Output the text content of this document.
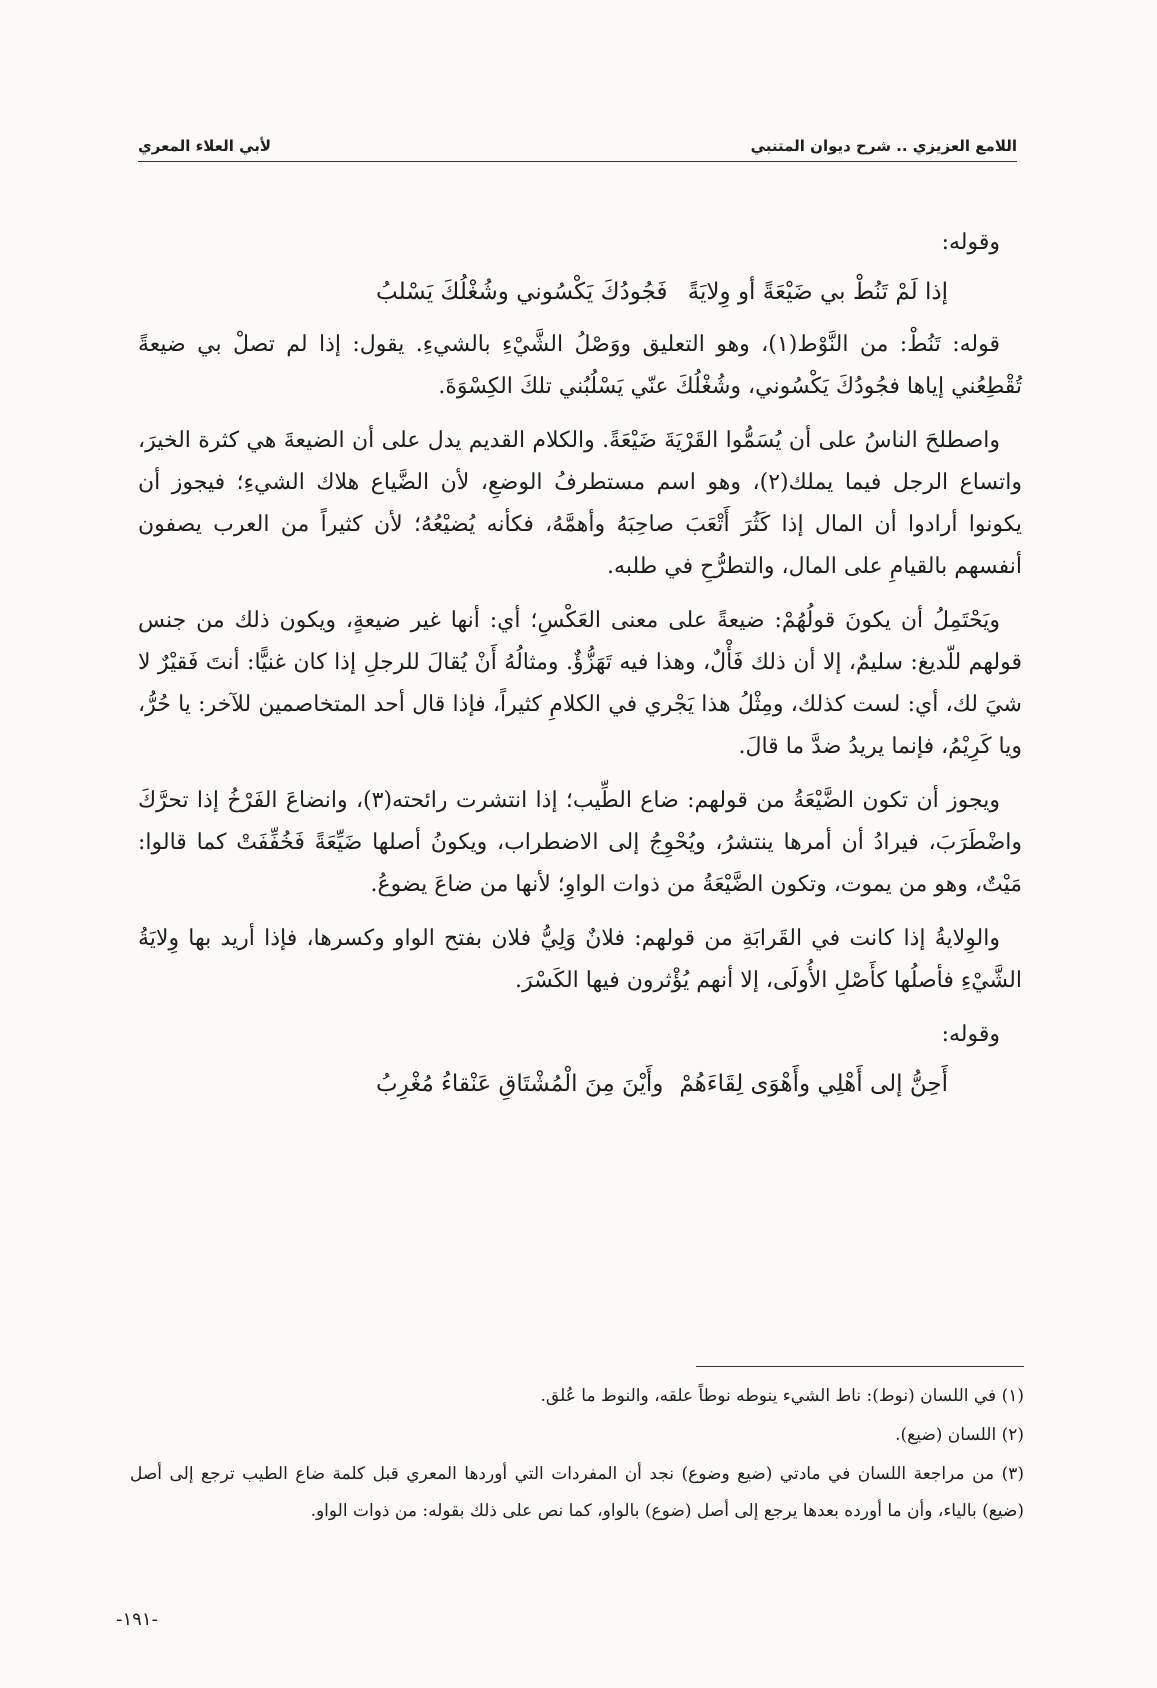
اللامع العزيزي .. شرح ديوان المتنبي
لأبي العلاء المعري

وقوله:

إذا لَمْ تَنُطْ بي ضَيْعَةً أو وِلايَةً
فَجُودُكَ يَكْسُوني وشُغْلُكَ يَسْلبُ

قوله: تَنُطْ: من النَّوْط(١)، وهو التعليق ووَصْلُ الشَّيْءِ بالشيءِ. يقول: إذا لم تصلْ بي ضيعةً تُقْطِعُني إياها فجُودُكَ يَكْسُوني، وشُغْلُكَ عنّي يَسْلُبُني تلكَ الكِسْوَةَ.

واصطلحَ الناسُ على أن يُسَمُّوا القَرْيَةَ ضَيْعَةً. والكلام القديم يدل على أن الضيعةَ هي كثرة الخيرَ، واتساع الرجل فيما يملك(٢)، وهو اسم مستطرفُ الوضعِ، لأن الضَّياع هلاك الشيءِ؛ فيجوز أن يكونوا أرادوا أن المال إذا كَثُرَ أَتْعَبَ صاحِبَهُ وأهمَّهُ، فكأنه يُضيْعُهُ؛ لأن كثيراً من العرب يصفون أنفسهم بالقيامِ على المال، والتطرُّحِ في طلبه.

ويَحْتَمِلُ أن يكونَ قولُهُمْ: ضيعةً على معنى العَكْسِ؛ أي: أنها غير ضيعةٍ، ويكون ذلك من جنس قولهم للّديغ: سليمٌ، إلا أن ذلك فَأْلٌ، وهذا فيه تَهَزُّؤٌ. ومثالُهُ أَنْ يُقالَ للرجلِ إذا كان غنيًّا: أنتَ فَقيْرٌ لا شيَ لك، أي: لست كذلك، ومِثْلُ هذا يَجْري في الكلامِ كثيراً، فإذا قال أحد المتخاصمين للآخر: يا حُرُّ، ويا كَرِيْمُ، فإنما يريدُ ضدَّ ما قالَ.

ويجوز أن تكون الضَّيْعَةُ من قولهم: ضاع الطِّيب؛ إذا انتشرت رائحته(٣)، وانضاعَ الفَرْخُ إذا تحرَّكَ واضْطَرَبَ، فيرادُ أن أمرها ينتشرُ، ويُحْوِجُ إلى الاضطراب، ويكونُ أصلها ضَيِّعَةً فَخُفِّفَتْ كما قالوا: مَيْتٌ، وهو من يموت، وتكون الضَّيْعَةُ من ذوات الواوِ؛ لأنها من ضاعَ يضوعُ.

والوِلايةُ إذا كانت في القَرابَةِ من قولهم: فلانٌ وَلِيُّ فلان بفتح الواو وكسرها، فإذا أريد بها وِلايَةُ الشَّيْءِ فأصلُها كأَصْلِ الأُولَى، إلا أنهم يُؤْثرون فيها الكَسْرَ.

وقوله:

أَحِنُّ إلى أَهْلِي وأَهْوَى لِقَاءَهُمْ
وأَيْنَ مِنَ الْمُشْتَاقِ عَنْقاءُ مُغْرِبُ

(١) في اللسان (نوط): ناط الشيء ينوطه نوطاً علقه، والنوط ما عُلق.

(٢) اللسان (ضيع).

(٣) من مراجعة اللسان في مادتي (ضيع وضوع) نجد أن المفردات التي أوردها المعري قبل كلمة ضاع الطيب ترجع إلى أصل (ضيع) بالياء، وأن ما أورده بعدها يرجع إلى أصل (ضوع) بالواو، كما نص على ذلك بقوله: من ذوات الواو.

-١٩١-
